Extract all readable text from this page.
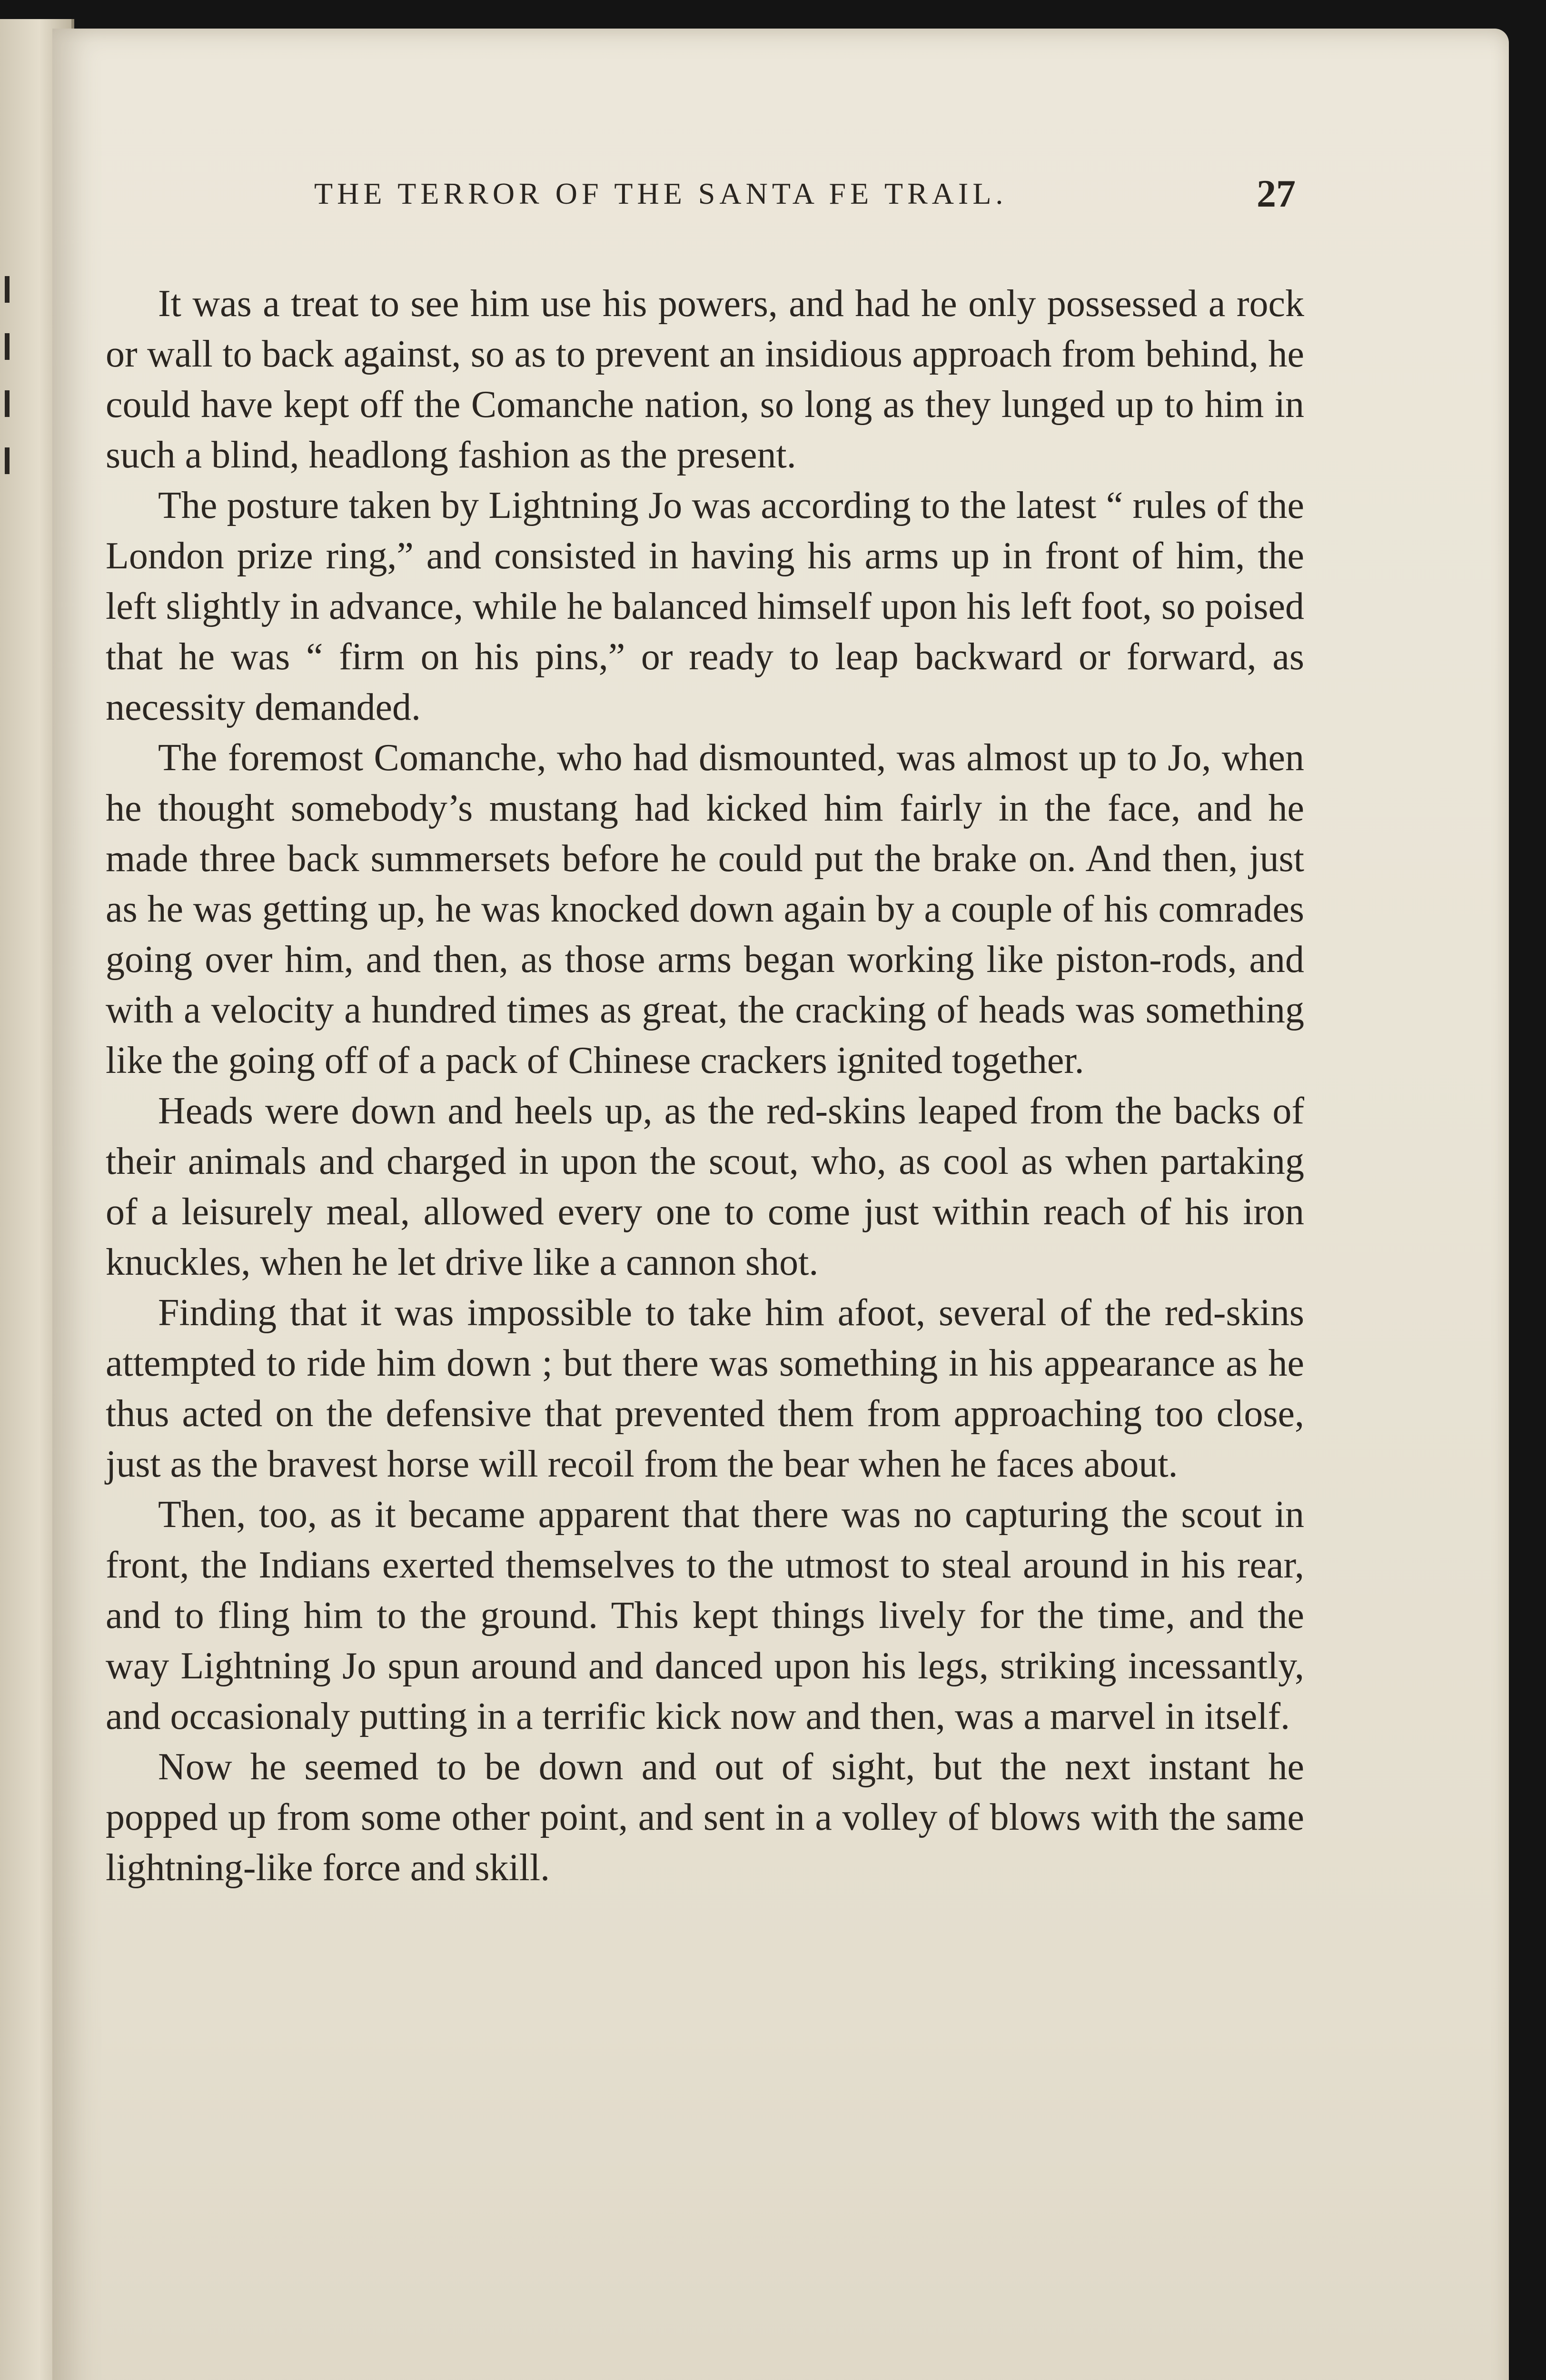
THE TERROR OF THE SANTA FE TRAIL.	27

It was a treat to see him use his powers, and had he only possessed a rock or wall to back against, so as to prevent an insidious approach from behind, he could have kept off the Comanche nation, so long as they lunged up to him in such a blind, headlong fashion as the present.

The posture taken by Lightning Jo was according to the latest “ rules of the London prize ring,” and consisted in having his arms up in front of him, the left slightly in advance, while he balanced himself upon his left foot, so poised that he was “ firm on his pins,” or ready to leap backward or forward, as necessity demanded.

The foremost Comanche, who had dismounted, was almost up to Jo, when he thought somebody’s mustang had kicked him fairly in the face, and he made three back summersets before he could put the brake on. And then, just as he was getting up, he was knocked down again by a couple of his comrades going over him, and then, as those arms began working like piston-rods, and with a velocity a hundred times as great, the cracking of heads was something like the going off of a pack of Chinese crackers ignited together.

Heads were down and heels up, as the red-skins leaped from the backs of their animals and charged in upon the scout, who, as cool as when partaking of a leisurely meal, allowed every one to come just within reach of his iron knuckles, when he let drive like a cannon shot.

Finding that it was impossible to take him afoot, several of the red-skins attempted to ride him down ; but there was something in his appearance as he thus acted on the defensive that prevented them from approaching too close, just as the bravest horse will recoil from the bear when he faces about.

Then, too, as it became apparent that there was no capturing the scout in front, the Indians exerted themselves to the utmost to steal around in his rear, and to fling him to the ground. This kept things lively for the time, and the way Lightning Jo spun around and danced upon his legs, striking incessantly, and occasionaly putting in a terrific kick now and then, was a marvel in itself.

Now he seemed to be down and out of sight, but the next instant he popped up from some other point, and sent in a volley of blows with the same lightning-like force and skill.
